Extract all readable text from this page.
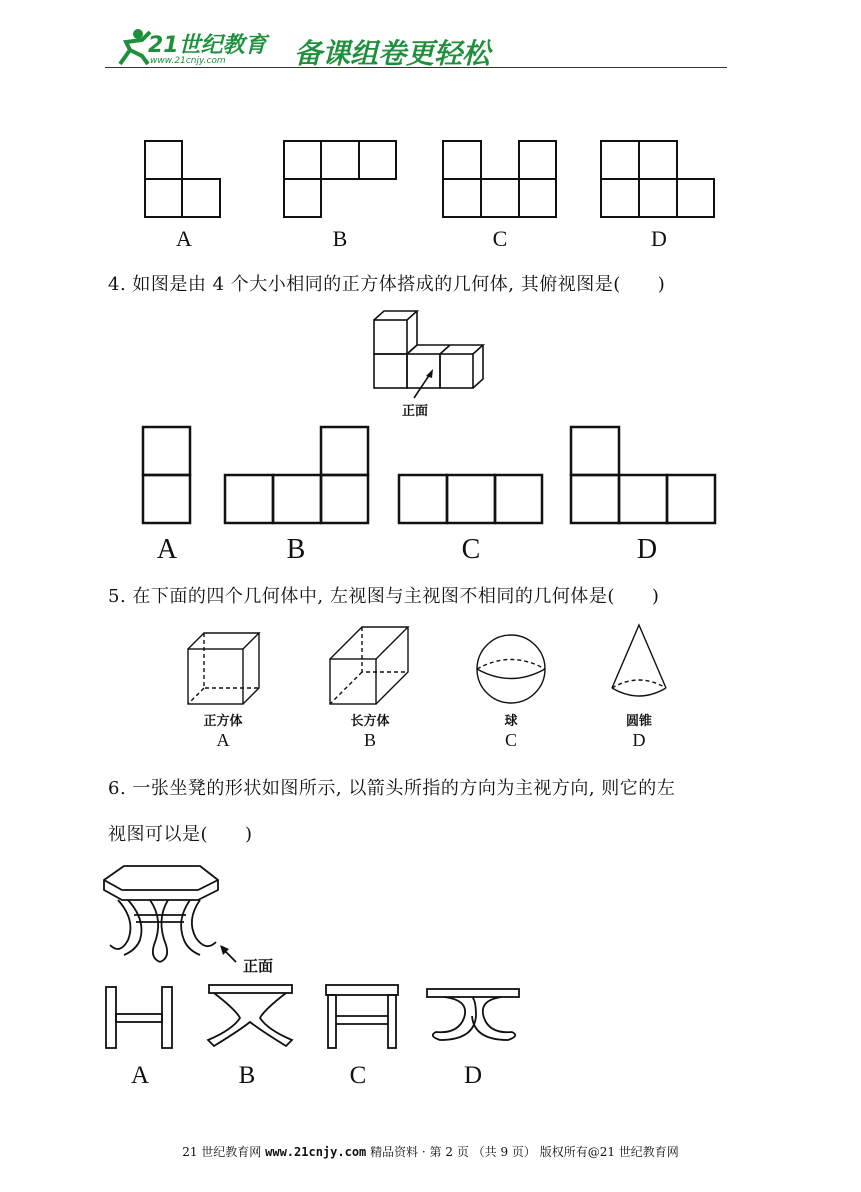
21世纪教育
www.21cnjy.com 备课组卷更轻松
A	B	C	D
4. 如图是由 4 个大小相同的正方体搭成的几何体, 其俯视图是(　　)
正面
A	B	C	D
5. 在下面的四个几何体中, 左视图与主视图不相同的几何体是(　　)
正方体	长方体	球	圆锥
A	B	C	D
6. 一张坐凳的形状如图所示, 以箭头所指的方向为主视方向, 则它的左
视图可以是(　　)
正面
A	B	C	D
21 世纪教育网 www.21cnjy.com 精品资料 · 第 2 页 （共 9 页） 版权所有@21 世纪教育网
